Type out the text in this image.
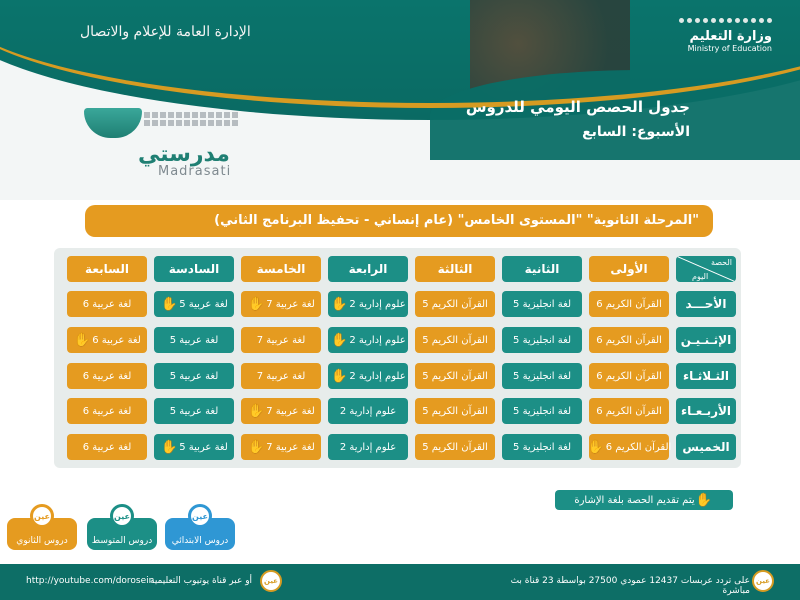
وزارة التعليم
Ministry of Education
الإدارة العامة للإعلام والاتصال
جدول الحصص اليومي للدروس
الأسبوع: السابع
مدرستي
Madrasati
"المرحلة الثانوية" "المستوى الخامس" (عام إنساني - تحفيظ البرنامج الثاني)
الحصة
اليوم
الأولى
الثانية
الثالثة
الرابعة
الخامسة
السادسة
السابعة
الأحـــد
القرآن الكريم 6
لغة انجليزية 5
القرآن الكريم 5
علوم إدارية 2
✋
لغة عربية 7
✋
لغة عربية 5
✋
لغة عربية 6
الإثـنـيـن
القرآن الكريم 6
لغة انجليزية 5
القرآن الكريم 5
علوم إدارية 2
✋
لغة عربية 7
لغة عربية 5
لغة عربية 6
✋
الثـلاثـاء
القرآن الكريم 6
لغة انجليزية 5
القرآن الكريم 5
علوم إدارية 2
✋
لغة عربية 7
لغة عربية 5
لغة عربية 6
الأربـعـاء
القرآن الكريم 6
لغة انجليزية 5
القرآن الكريم 5
علوم إدارية 2
لغة عربية 7
✋
لغة عربية 5
لغة عربية 6
الخميس
القرآن الكريم 6
✋
لغة انجليزية 5
القرآن الكريم 5
علوم إدارية 2
لغة عربية 7
✋
لغة عربية 5
✋
لغة عربية 6
✋
يتم تقديم الحصة بلغة الإشارة
عين
دروس الثانوي
عين
دروس المتوسط
عين
دروس الابتدائي
عين
http://youtube.com/dorosein
أو عبر قناة يوتيوب التعليمية	على تردد عربسات 12437 عمودي 27500 بواسطة 23 قناة بث مباشرة
عين
